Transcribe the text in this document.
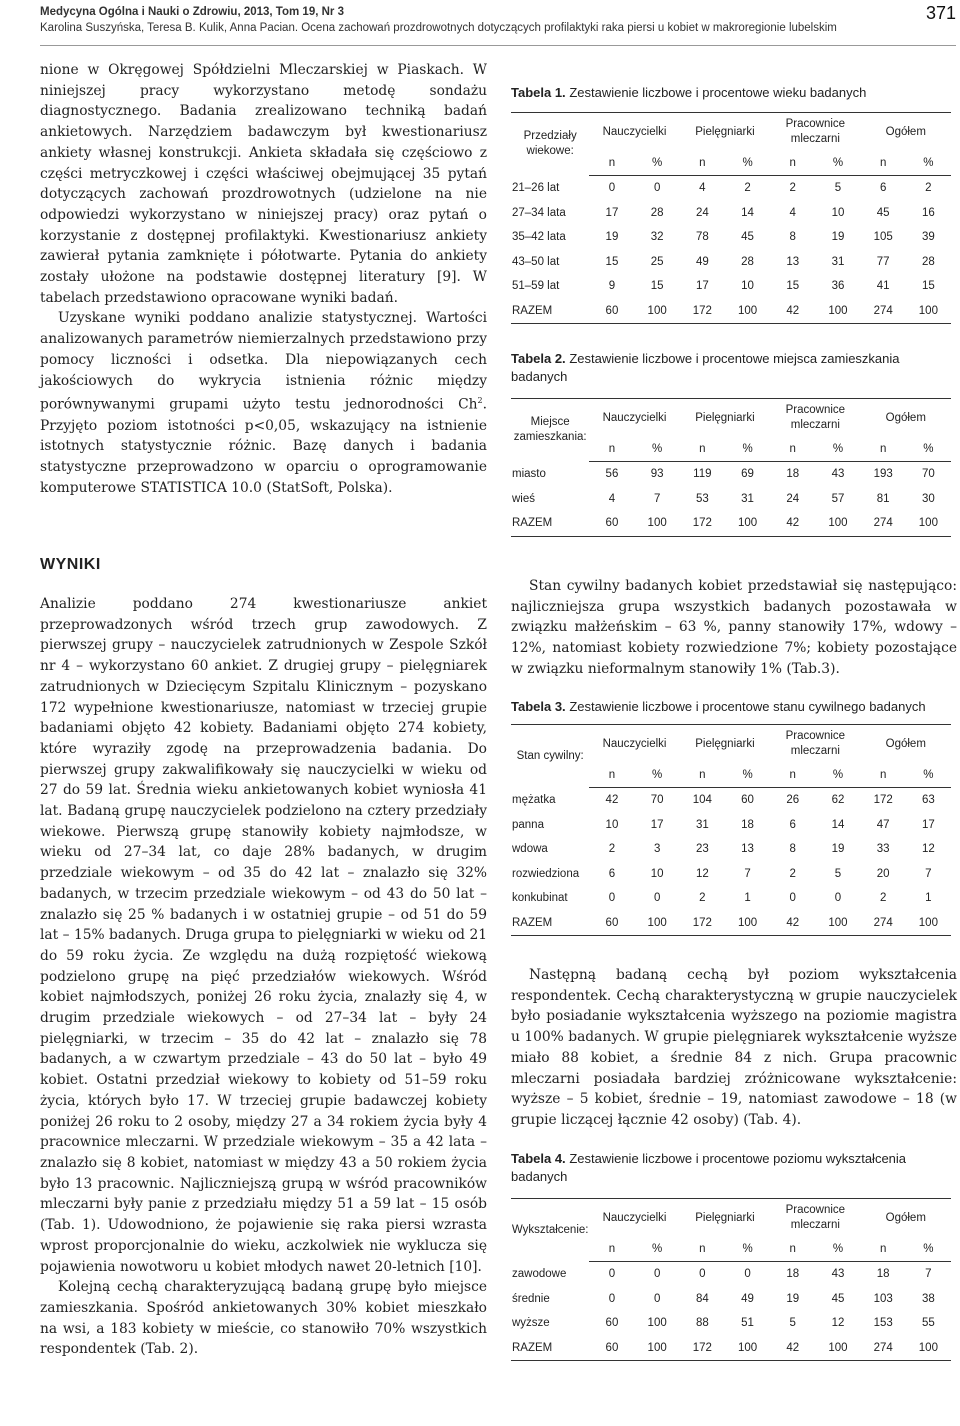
Medycyna Ogólna i Nauki o Zdrowiu, 2013, Tom 19, Nr 3
Karolina Suszyńska, Teresa B. Kulik, Anna Pacian. Ocena zachowań prozdrowotnych dotyczących profilaktyki raka piersi u kobiet w makroregionie lubelskim
371

nione w Okręgowej Spółdzielni Mleczarskiej w Piaskach. W niniejszej pracy wykorzystano metodę sondażu diagnostycznego. Badania zrealizowano techniką badań ankietowych. Narzędziem badawczym był kwestionariusz ankiety własnej konstrukcji. Ankieta składała się częściowo z części metryczkowej i części właściwej obejmującej 35 pytań dotyczących zachowań prozdrowotnych (udzielone na nie odpowiedzi wykorzystano w niniejszej pracy) oraz pytań o korzystanie z dostępnej profilaktyki. Kwestionariusz ankiety zawierał pytania zamknięte i półotwarte. Pytania do ankiety zostały ułożone na podstawie dostępnej literatury [9]. W tabelach przedstawiono opracowane wyniki badań.

Uzyskane wyniki poddano analizie statystycznej. Wartości analizowanych parametrów niemierzalnych przedstawiono przy pomocy liczności i odsetka. Dla niepowiązanych cech jakościowych do wykrycia istnienia różnic między porównywanymi grupami użyto testu jednorodności Ch$^2$. Przyjęto poziom istotności p<0,05, wskazujący na istnienie istotnych statystycznie różnic. Bazę danych i badania statystyczne przeprowadzono w oparciu o oprogramowanie komputerowe STATISTICA 10.0 (StatSoft, Polska).

WYNIKI

Analizie poddano 274 kwestionariusze ankiet przeprowadzonych wśród trzech grup zawodowych. Z pierwszej grupy – nauczycielek zatrudnionych w Zespole Szkół nr 4 – wykorzystano 60 ankiet. Z drugiej grupy – pielęgniarek zatrudnionych w Dziecięcym Szpitalu Klinicznym – pozyskano 172 wypełnione kwestionariusze, natomiast w trzeciej grupie badaniami objęto 42 kobiety. Badaniami objęto 274 kobiety, które wyraziły zgodę na przeprowadzenia badania. Do pierwszej grupy zakwalifikowały się nauczycielki w wieku od 27 do 59 lat. Średnia wieku ankietowanych kobiet wyniosła 41 lat. Badaną grupę nauczycielek podzielono na cztery przedziały wiekowe. Pierwszą grupę stanowiły kobiety najmłodsze, w wieku od 27–34 lat, co daje 28% badanych, w drugim przedziale wiekowym – od 35 do 42 lat – znalazło się 32% badanych, w trzecim przedziale wiekowym – od 43 do 50 lat – znalazło się 25 % badanych i w ostatniej grupie – od 51 do 59 lat – 15% badanych. Druga grupa to pielęgniarki w wieku od 21 do 59 roku życia. Ze względu na dużą rozpiętość wiekową podzielono grupę na pięć przedziałów wiekowych. Wśród kobiet najmłodszych, poniżej 26 roku życia, znalazły się 4, w drugim przedziale wiekowych – od 27–34 lat – były 24 pielęgniarki, w trzecim – 35 do 42 lat – znalazło się 78 badanych, a w czwartym przedziale – 43 do 50 lat – było 49 kobiet. Ostatni przedział wiekowy to kobiety od 51–59 roku życia, których było 17. W trzeciej grupie badawczej kobiety poniżej 26 roku to 2 osoby, między 27 a 34 rokiem życia były 4 pracownice mleczarni. W przedziale wiekowym – 35 a 42 lata – znalazło się 8 kobiet, natomiast w między 43 a 50 rokiem życia było 13 pracownic. Najliczniejszą grupą w wśród pracowników mleczarni były panie z przedziału między 51 a 59 lat – 15 osób (Tab. 1). Udowodniono, że pojawienie się raka piersi wzrasta wprost proporcjonalnie do wieku, aczkolwiek nie wyklucza się pojawienia nowotworu u kobiet młodych nawet 20-letnich [10].

Kolejną cechą charakteryzującą badaną grupę było miejsce zamieszkania. Spośród ankietowanych 30% kobiet mieszkało na wsi, a 183 kobiety w mieście, co stanowiło 70% wszystkich respondentek (Tab. 2).

Tabela 1. Zestawienie liczbowe i procentowe wieku badanych
Przedziały wiekowe:	Nauczycielki		Pielęgniarki		Pracownice mleczarni		Ogółem	
	n	%	n	%	n	%	n	%
21–26 lat	0	0	4	2	2	5	6	2
27–34 lata	17	28	24	14	4	10	45	16
35–42 lata	19	32	78	45	8	19	105	39
43–50 lat	15	25	49	28	13	31	77	28
51–59 lat	9	15	17	10	15	36	41	15
RAZEM	60	100	172	100	42	100	274	100
Tabela 2. Zestawienie liczbowe i procentowe miejsca zamieszkania badanych
Miejsce zamieszkania:	Nauczycielki		Pielęgniarki		Pracownice mleczarni		Ogółem	
	n	%	n	%	n	%	n	%
miasto	56	93	119	69	18	43	193	70
wieś	4	7	53	31	24	57	81	30
RAZEM	60	100	172	100	42	100	274	100

Stan cywilny badanych kobiet przedstawiał się następująco: najliczniejsza grupa wszystkich badanych pozostawała w związku małżeńskim – 63 %, panny stanowiły 17%, wdowy – 12%, natomiast kobiety rozwiedzione 7%; kobiety pozostające w związku nieformalnym stanowiły 1% (Tab.3).

Tabela 3. Zestawienie liczbowe i procentowe stanu cywilnego badanych
Stan cywilny:	Nauczycielki		Pielęgniarki		Pracownice mleczarni		Ogółem	
	n	%	n	%	n	%	n	%
mężatka	42	70	104	60	26	62	172	63
panna	10	17	31	18	6	14	47	17
wdowa	2	3	23	13	8	19	33	12
rozwiedziona	6	10	12	7	2	5	20	7
konkubinat	0	0	2	1	0	0	2	1
RAZEM	60	100	172	100	42	100	274	100

Następną badaną cechą był poziom wykształcenia respondentek. Cechą charakterystyczną w grupie nauczycielek było posiadanie wykształcenia wyższego na poziomie magistra u 100% badanych. W grupie pielęgniarek wykształcenie wyższe miało 88 kobiet, a średnie 84 z nich. Grupa pracownic mleczarni posiadała bardziej zróżnicowane wykształcenie: wyższe – 5 kobiet, średnie – 19, natomiast zawodowe – 18 (w grupie liczącej łącznie 42 osoby) (Tab. 4).

Tabela 4. Zestawienie liczbowe i procentowe poziomu wykształcenia badanych
Wykształcenie:	Nauczycielki		Pielęgniarki		Pracownice mleczarni		Ogółem	
	n	%	n	%	n	%	n	%
zawodowe	0	0	0	0	18	43	18	7
średnie	0	0	84	49	19	45	103	38
wyższe	60	100	88	51	5	12	153	55
RAZEM	60	100	172	100	42	100	274	100
